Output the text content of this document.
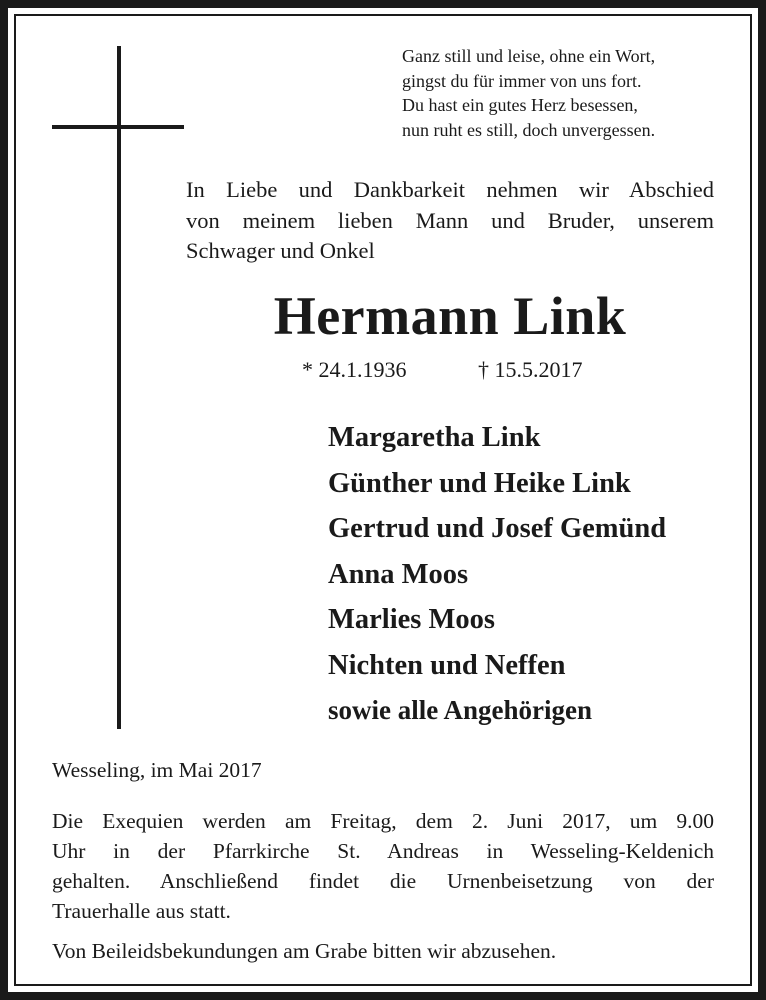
Ganz still und leise, ohne ein Wort,
gingst du für immer von uns fort.
Du hast ein gutes Herz besessen,
nun ruht es still, doch unvergessen.
In Liebe und Dankbarkeit nehmen wir Abschied
von meinem lieben Mann und Bruder, unserem
Schwager und Onkel
Hermann Link
* 24.1.1936	† 15.5.2017
Margaretha Link
Günther und Heike Link
Gertrud und Josef Gemünd
Anna Moos
Marlies Moos
Nichten und Neffen
sowie alle Angehörigen
Wesseling, im Mai 2017
Die Exequien werden am Freitag, dem 2. Juni 2017, um 9.00
Uhr in der Pfarrkirche St. Andreas in Wesseling-Keldenich
gehalten. Anschließend findet die Urnenbeisetzung von der
Trauerhalle aus statt.
Von Beileidsbekundungen am Grabe bitten wir abzusehen.
